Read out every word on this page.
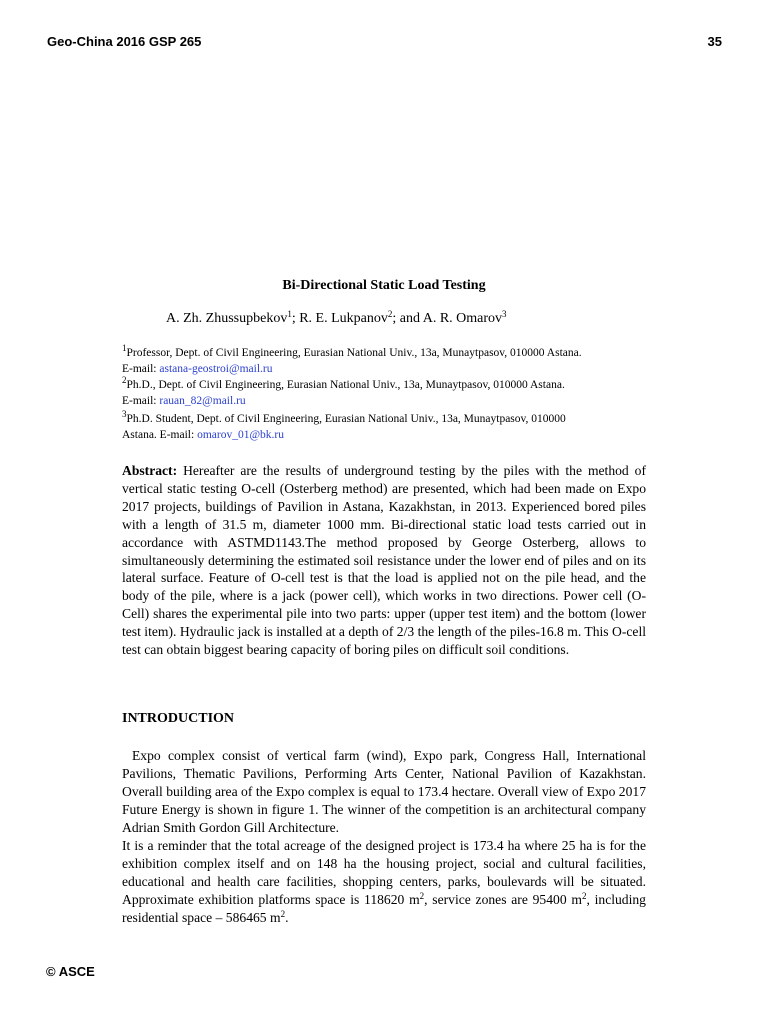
Geo-China 2016 GSP 265	35
Bi-Directional Static Load Testing
A. Zh. Zhussupbekov$^1$; R. E. Lukpanov$^2$; and A. R. Omarov$^3$
$^1$Professor, Dept. of Civil Engineering, Eurasian National Univ., 13a, Munaytpasov, 010000 Astana.
E-mail: astana-geostroi@mail.ru
$^2$Ph.D., Dept. of Civil Engineering, Eurasian National Univ., 13a, Munaytpasov, 010000 Astana.
E-mail: rauan_82@mail.ru
$^3$Ph.D. Student, Dept. of Civil Engineering, Eurasian National Univ., 13a, Munaytpasov, 010000
Astana. E-mail: omarov_01@bk.ru

Abstract: Hereafter are the results of underground testing by the piles with the method of vertical static testing O-cell (Osterberg method) are presented, which had been made on Expo 2017 projects, buildings of Pavilion in Astana, Kazakhstan, in 2013. Experienced bored piles with a length of 31.5 m, diameter 1000 mm. Bi-directional static load tests carried out in accordance with ASTMD1143.The method proposed by George Osterberg, allows to simultaneously determining the estimated soil resistance under the lower end of piles and on its lateral surface. Feature of O-cell test is that the load is applied not on the pile head, and the body of the pile, where is a jack (power cell), which works in two directions. Power cell (O-Cell) shares the experimental pile into two parts: upper (upper test item) and the bottom (lower test item). Hydraulic jack is installed at a depth of 2/3 the length of the piles-16.8 m. This O-cell test can obtain biggest bearing capacity of boring piles on difficult soil conditions.

INTRODUCTION

Expo complex consist of vertical farm (wind), Expo park, Congress Hall, International Pavilions, Thematic Pavilions, Performing Arts Center, National Pavilion of Kazakhstan. Overall building area of the Expo complex is equal to 173.4 hectare. Overall view of Expo 2017 Future Energy is shown in figure 1. The winner of the competition is an architectural company Adrian Smith Gordon Gill Architecture.

It is a reminder that the total acreage of the designed project is 173.4 ha where 25 ha is for the exhibition complex itself and on 148 ha the housing project, social and cultural facilities, educational and health care facilities, shopping centers, parks, boulevards will be situated. Approximate exhibition platforms space is 118620 $m^2$, service zones are 95400 $m^2$, including residential space – 586465 $m^2$.

© ASCE
